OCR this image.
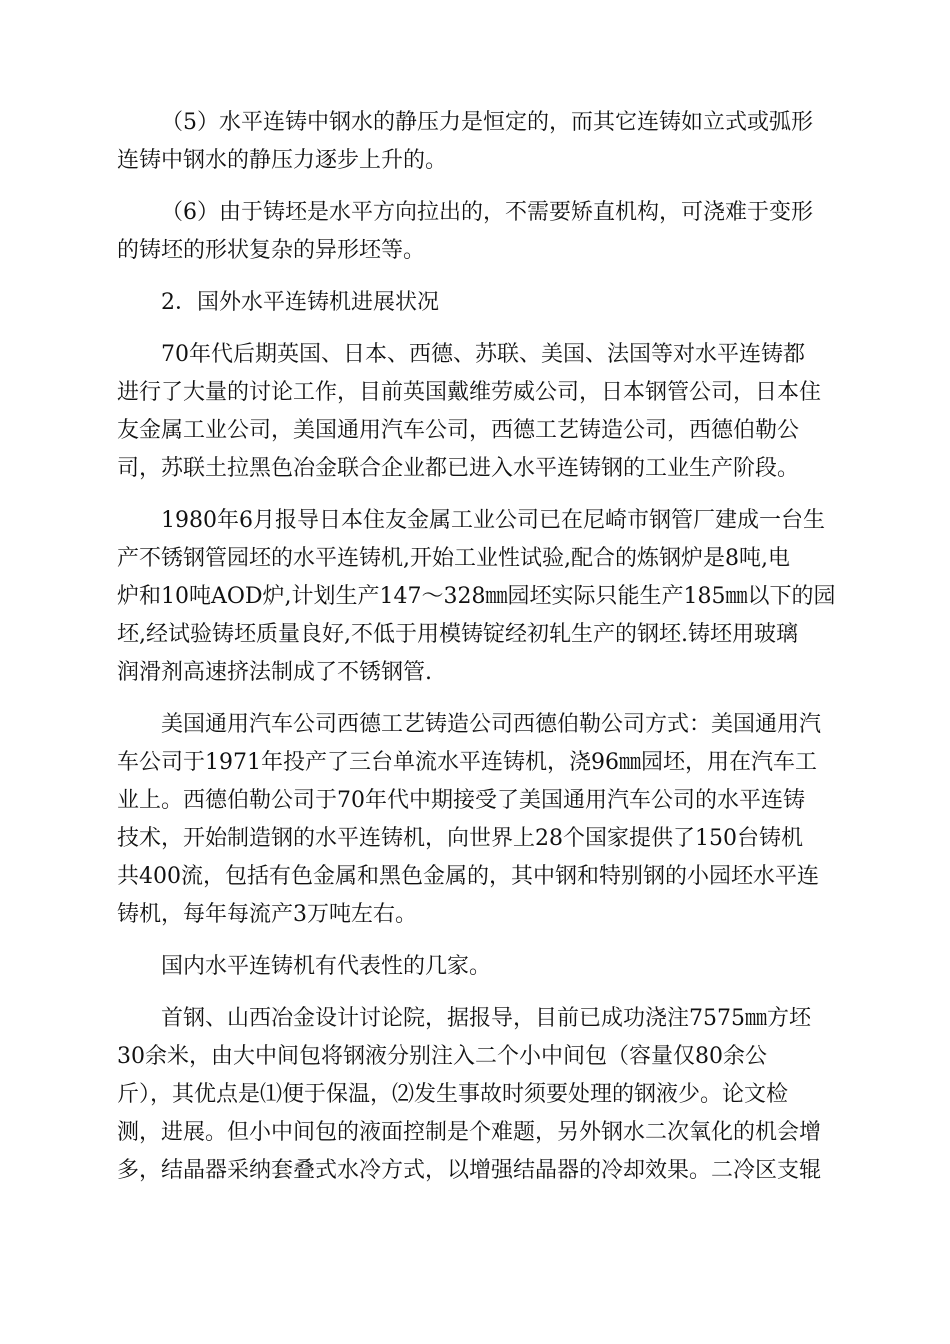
（5）水平连铸中钢水的静压力是恒定的，而其它连铸如立式或弧形
连铸中钢水的静压力逐步上升的。

（6）由于铸坯是水平方向拉出的，不需要矫直机构，可浇难于变形
的铸坯的形状复杂的异形坯等。

2．国外水平连铸机进展状况

70年代后期英国、日本、西德、苏联、美国、法国等对水平连铸都
进行了大量的讨论工作，目前英国戴维劳威公司，日本钢管公司，日本住
友金属工业公司，美国通用汽车公司，西德工艺铸造公司，西德伯勒公
司，苏联土拉黑色冶金联合企业都已进入水平连铸钢的工业生产阶段。

1980年6月报导日本住友金属工业公司已在尼崎市钢管厂建成一台生
产不锈钢管园坯的水平连铸机,开始工业性试验,配合的炼钢炉是8吨,电
炉和10吨AOD炉,计划生产147～328㎜园坯实际只能生产185㎜以下的园
坯,经试验铸坯质量良好,不低于用模铸锭经初轧生产的钢坯.铸坯用玻璃
润滑剂高速挤法制成了不锈钢管.

美国通用汽车公司西德工艺铸造公司西德伯勒公司方式：美国通用汽
车公司于1971年投产了三台单流水平连铸机，浇96㎜园坯，用在汽车工
业上。西德伯勒公司于70年代中期接受了美国通用汽车公司的水平连铸
技术，开始制造钢的水平连铸机，向世界上28个国家提供了150台铸机
共400流，包括有色金属和黑色金属的，其中钢和特别钢的小园坯水平连
铸机，每年每流产3万吨左右。

国内水平连铸机有代表性的几家。

首钢、山西冶金设计讨论院，据报导，目前已成功浇注7575㎜方坯
30余米，由大中间包将钢液分别注入二个小中间包（容量仅80余公
斤），其优点是⑴便于保温，⑵发生事故时须要处理的钢液少。论文检
测，进展。但小中间包的液面控制是个难题，另外钢水二次氧化的机会增
多，结晶器采纳套叠式水冷方式，以增强结晶器的冷却效果。二冷区支辊
